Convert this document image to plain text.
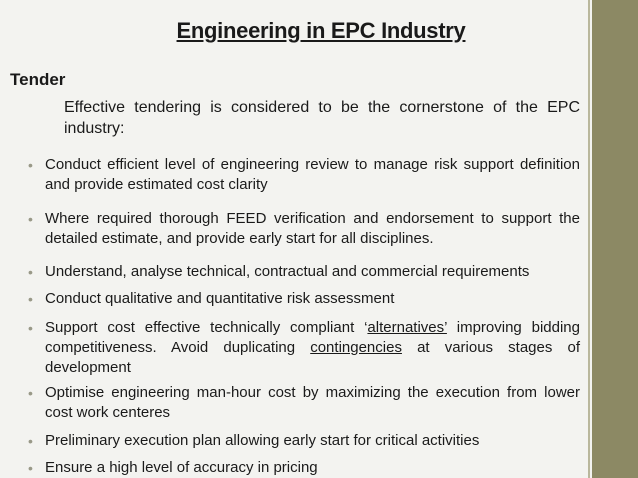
Engineering in EPC Industry
Tender
Effective tendering is considered to be the cornerstone of the EPC industry:
• Conduct efficient level of engineering review to manage risk support definition and provide estimated cost clarity
• Where required thorough FEED verification and endorsement to support the detailed estimate, and provide early start for all disciplines.
• Understand, analyse technical, contractual and commercial requirements
• Conduct qualitative and quantitative risk assessment
• Support cost effective technically compliant ‘alternatives’ improving bidding competitiveness. Avoid duplicating contingencies at various stages of development
• Optimise engineering man-hour cost by maximizing the execution from lower cost work centeres
• Preliminary execution plan allowing early start for critical activities
• Ensure a high level of accuracy in pricing
